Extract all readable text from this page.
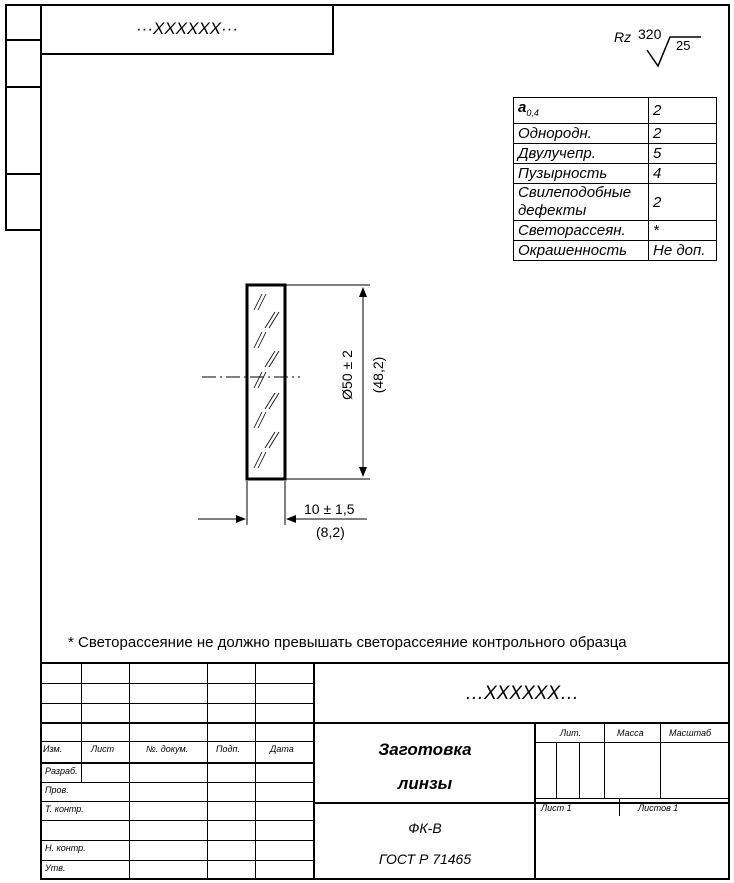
···XXXXXX···	Rz 320
25
$a_{0,4}$	2
Однородн.	2
Двулучепр.	5
Пузырность	4
Свилеподобные дефекты	2
Светорассеян.	*
Окрашенность	Не доп.
Ø50 ± 2 (48,2)
10 ± 1,5
(8,2)
* Светорассеяние не должно превышать светорассеяние контрольного образца
…XXXXXX…
Изм.	Лист	№. докум.	Подп.	Дата
Разраб.
Пров.
Т. контр.
Н. контр.
Утв.
Заготовка
линзы
Лит.	Масса	Масштаб
Лист 1	Листов 1
ФК-В
ГОСТ Р 71465
